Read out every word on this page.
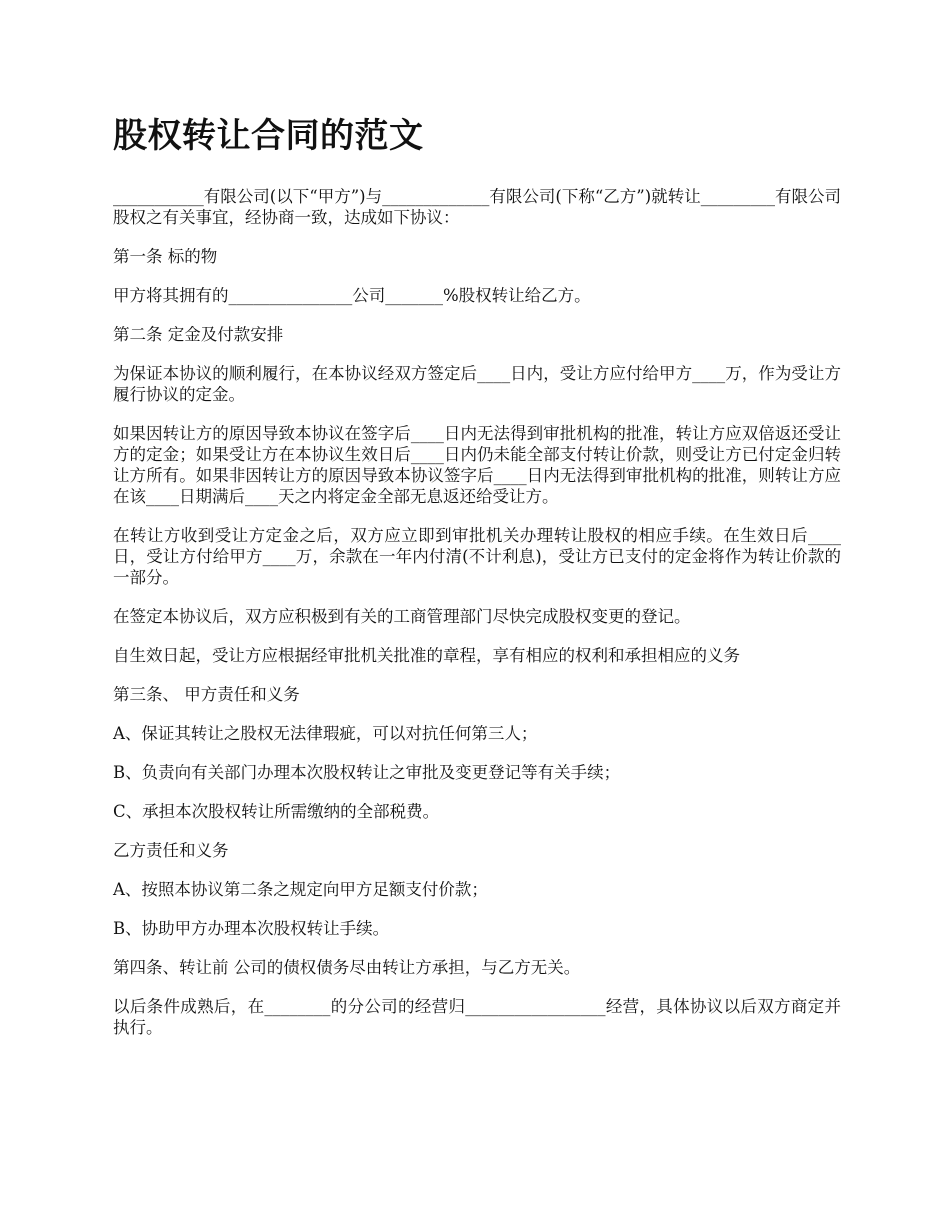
股权转让合同的范文

___________有限公司(以下“甲方”)与_____________有限公司(下称“乙方”)就转让_________有限公司股权之有关事宜，经协商一致，达成如下协议：

第一条 标的物

甲方将其拥有的_______________公司_______%股权转让给乙方。

第二条 定金及付款安排

为保证本协议的顺利履行，在本协议经双方签定后____日内，受让方应付给甲方____万，作为受让方履行协议的定金。

如果因转让方的原因导致本协议在签字后____日内无法得到审批机构的批准，转让方应双倍返还受让方的定金；如果受让方在本协议生效日后____日内仍未能全部支付转让价款，则受让方已付定金归转让方所有。如果非因转让方的原因导致本协议签字后____日内无法得到审批机构的批准，则转让方应在该____日期满后____天之内将定金全部无息返还给受让方。

在转让方收到受让方定金之后，双方应立即到审批机关办理转让股权的相应手续。在生效日后____日，受让方付给甲方____万，余款在一年内付清(不计利息)，受让方已支付的定金将作为转让价款的一部分。

在签定本协议后，双方应积极到有关的工商管理部门尽快完成股权变更的登记。

自生效日起，受让方应根据经审批机关批准的章程，享有相应的权利和承担相应的义务

第三条、 甲方责任和义务

A、保证其转让之股权无法律瑕疵，可以对抗任何第三人；

B、负责向有关部门办理本次股权转让之审批及变更登记等有关手续；

C、承担本次股权转让所需缴纳的全部税费。

乙方责任和义务

A、按照本协议第二条之规定向甲方足额支付价款；

B、协助甲方办理本次股权转让手续。

第四条、转让前 公司的债权债务尽由转让方承担，与乙方无关。

以后条件成熟后，在________的分公司的经营归_________________经营，具体协议以后双方商定并执行。
